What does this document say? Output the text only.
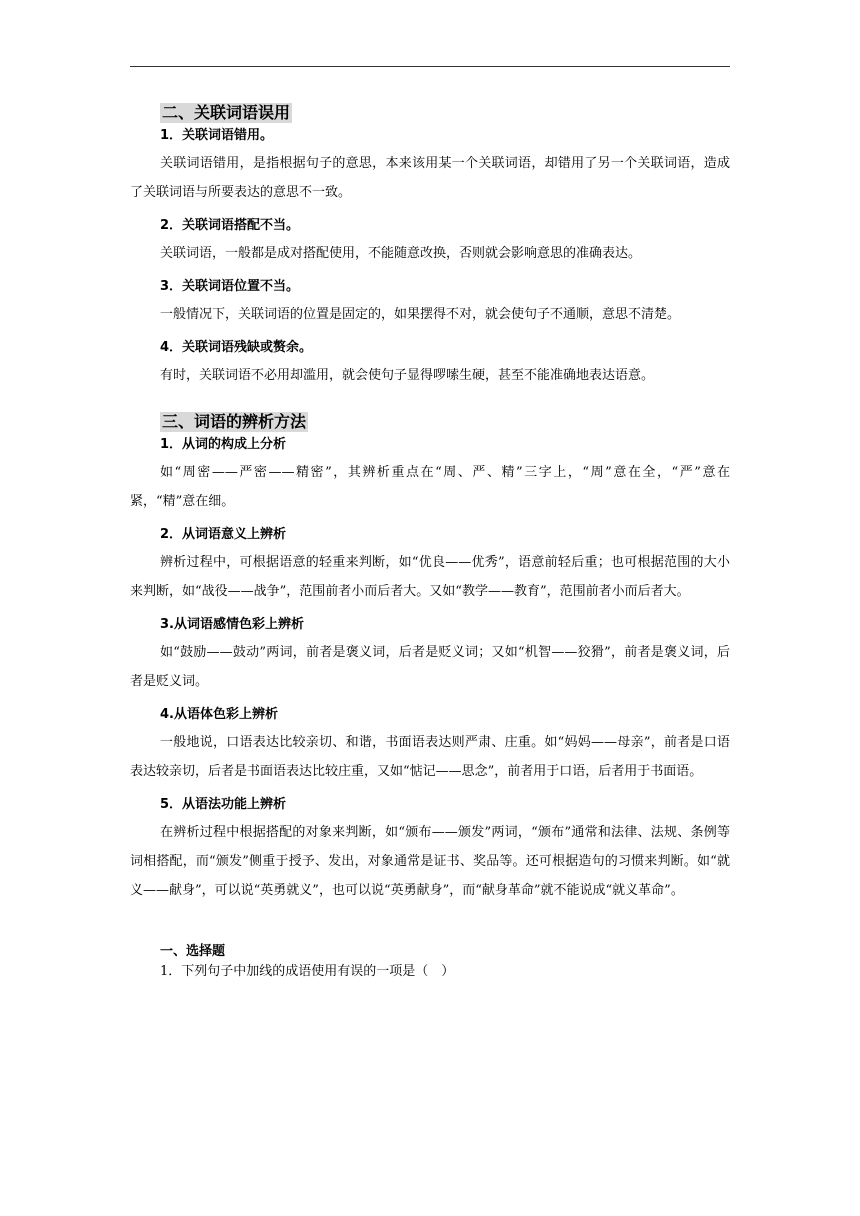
二、关联词语误用
1．关联词语错用。
关联词语错用，是指根据句子的意思，本来该用某一个关联词语，却错用了另一个关联词语，造成了关联词语与所要表达的意思不一致。
2．关联词语搭配不当。
关联词语，一般都是成对搭配使用，不能随意改换，否则就会影响意思的准确表达。
3．关联词语位置不当。
一般情况下，关联词语的位置是固定的，如果摆得不对，就会使句子不通顺，意思不清楚。
4．关联词语残缺或赘余。
有时，关联词语不必用却滥用，就会使句子显得啰嗦生硬，甚至不能准确地表达语意。
三、词语的辨析方法
1．从词的构成上分析
如“周密——严密——精密”，其辨析重点在“周、严、精”三字上，“周”意在全，“严”意在紧，“精”意在细。
2．从词语意义上辨析
辨析过程中，可根据语意的轻重来判断，如“优良——优秀”，语意前轻后重；也可根据范围的大小来判断，如“战役——战争”，范围前者小而后者大。又如“教学——教育”，范围前者小而后者大。
3.从词语感情色彩上辨析
如“鼓励——鼓动”两词，前者是褒义词，后者是贬义词；又如“机智——狡猾”，前者是褒义词，后者是贬义词。
4.从语体色彩上辨析
一般地说，口语表达比较亲切、和谐，书面语表达则严肃、庄重。如“妈妈——母亲”，前者是口语表达较亲切，后者是书面语表达比较庄重，又如“惦记——思念”，前者用于口语，后者用于书面语。
5．从语法功能上辨析
在辨析过程中根据搭配的对象来判断，如“颁布——颁发”两词，“颁布”通常和法律、法规、条例等词相搭配，而“颁发”侧重于授予、发出，对象通常是证书、奖品等。还可根据造句的习惯来判断。如“就义——献身”，可以说“英勇就义”，也可以说“英勇献身”，而“献身革命”就不能说成“就义革命”。
一、选择题
1．下列句子中加线的成语使用有误的一项是（　）
